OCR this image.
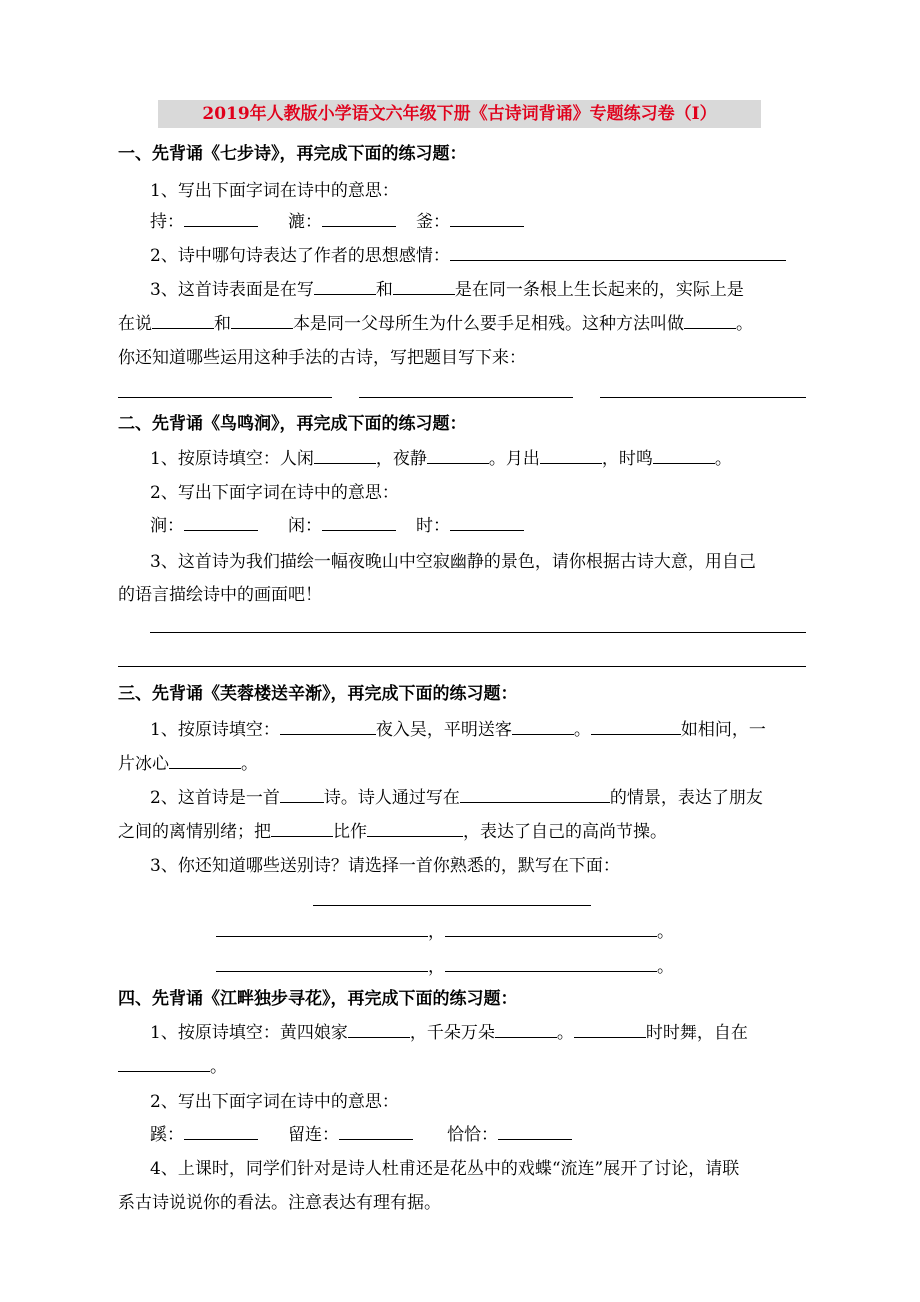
2019年人教版小学语文六年级下册《古诗词背诵》专题练习卷（I）
一、先背诵《七步诗》，再完成下面的练习题：
1、写出下面字词在诗中的意思：
持：	漉：	釜：
2、诗中哪句诗表达了作者的思想感情：
3、这首诗表面是在写	和	是在同一条根上生长起来的，实际上是
在说	和	本是同一父母所生为什么要手足相残。这种方法叫做	。
你还知道哪些运用这种手法的古诗，写把题目写下来：
二、先背诵《鸟鸣涧》，再完成下面的练习题：
1、按原诗填空：人闲	，夜静	。月出	，时鸣	。
2、写出下面字词在诗中的意思：
涧：	闲：	时：
3、这首诗为我们描绘一幅夜晚山中空寂幽静的景色，请你根据古诗大意，用自己
的语言描绘诗中的画面吧！
三、先背诵《芙蓉楼送辛渐》，再完成下面的练习题：
1、按原诗填空：	夜入吴，平明送客	。	如相问，一
片冰心	。
2、这首诗是一首	诗。诗人通过写在	的情景，表达了朋友
之间的离情别绪；把	比作	，表达了自己的高尚节操。
3、你还知道哪些送别诗？请选择一首你熟悉的，默写在下面：
，	。
，	。
四、先背诵《江畔独步寻花》，再完成下面的练习题：
1、按原诗填空：黄四娘家	，千朵万朵	。	时时舞，自在
。
2、写出下面字词在诗中的意思：
蹊：	留连：	恰恰：
4、上课时，同学们针对是诗人杜甫还是花丛中的戏蝶“流连”展开了讨论，请联
系古诗说说你的看法。注意表达有理有据。
